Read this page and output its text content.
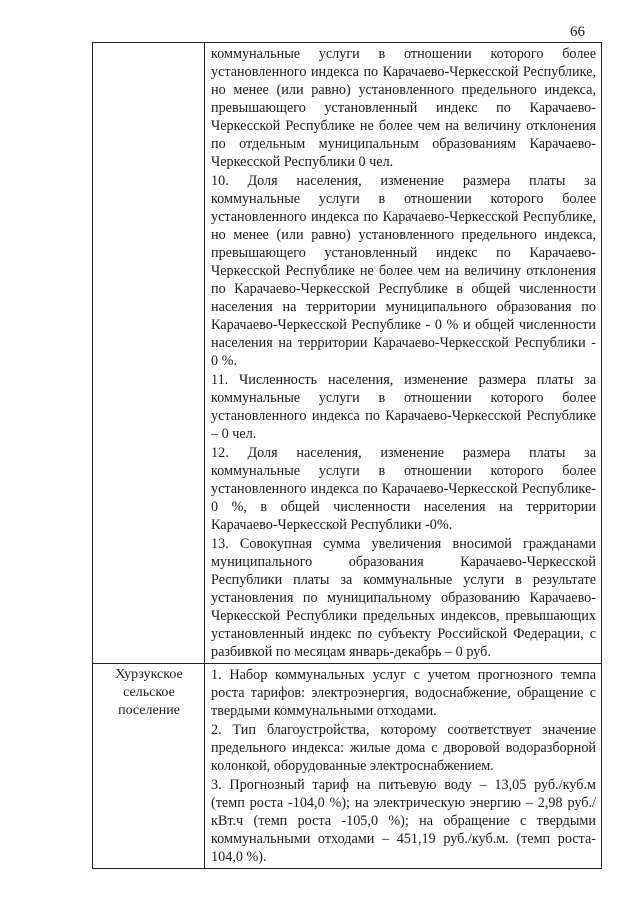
66

	коммунальные услуги в отношении которого более установленного индекса по Карачаево-Черкесской Республике, но менее (или равно) установленного предельного индекса, превышающего установленный индекс по Карачаево-Черкесской Республике не более чем на величину отклонения по отдельным муниципальным образованиям Карачаево-Черкесской Республики 0 чел.

10. Доля населения, изменение размера платы за коммунальные услуги в отношении которого более установленного индекса по Карачаево-Черкесской Республике, но менее (или равно) установленного предельного индекса, превышающего установленный индекс по Карачаево-Черкесской Республике не более чем на величину отклонения по Карачаево-Черкесской Республике в общей численности населения на территории муниципального образования по Карачаево-Черкесской Республике - 0 % и общей численности населения на территории Карачаево-Черкесской Республики - 0 %.

11. Численность населения, изменение размера платы за коммунальные услуги в отношении которого более установленного индекса по Карачаево-Черкесской Республике – 0 чел.

12. Доля населения, изменение размера платы за коммунальные услуги в отношении которого более установленного индекса по Карачаево-Черкесской Республике- 0 %, в общей численности населения на территории Карачаево-Черкесской Республики -0%.

13. Совокупная сумма увеличения вносимой гражданами муниципального образования Карачаево-Черкесской Республики платы за коммунальные услуги в результате установления по муниципальному образованию Карачаево-Черкесской Республики предельных индексов, превышающих установленный индекс по субъекту Российской Федерации, с разбивкой по месяцам январь-декабрь – 0 руб.

Хурзукское сельское поселение	1. Набор коммунальных услуг с учетом прогнозного темпа роста тарифов: электроэнергия, водоснабжение, обращение с твердыми коммунальными отходами.

2. Тип благоустройства, которому соответствует значение предельного индекса: жилые дома с дворовой водоразборной колонкой, оборудованные электроснабжением.

3. Прогнозный тариф на питьевую воду – 13,05 руб./куб.м (темп роста -104,0 %); на электрическую энергию – 2,98 руб./кВт.ч (темп роста -105,0 %); на обращение с твердыми коммунальными отходами – 451,19 руб./куб.м. (темп роста- 104,0 %).
